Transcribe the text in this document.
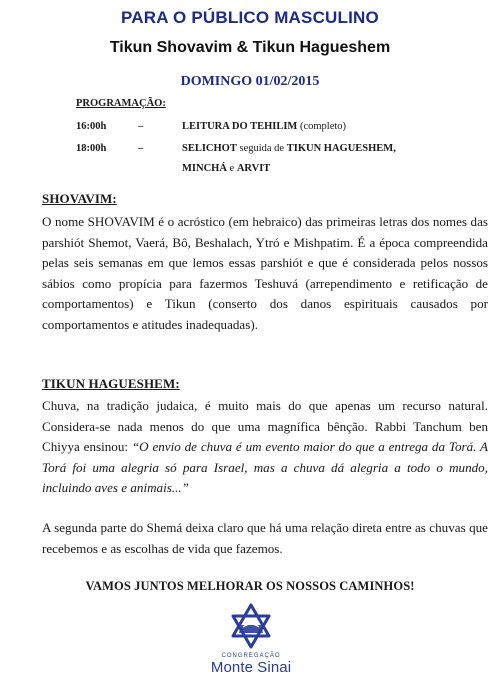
PARA O PÚBLICO MASCULINO
Tikun Shovavim & Tikun Hagueshem
DOMINGO 01/02/2015
PROGRAMAÇÃO:
16:00h	–	LEITURA DO TEHILIM (completo)
18:00h	–	SELICHOT seguida de TIKUN HAGUESHEM,
MINCHÁ e ARVIT
SHOVAVIM:

O nome SHOVAVIM é o acróstico (em hebraico) das primeiras letras dos nomes das parshiót Shemot, Vaerá, Bô, Beshalach, Ytró e Mishpatim. É a época compreendida pelas seis semanas em que lemos essas parshiót e que é considerada pelos nossos sábios como propícia para fazermos Teshuvá (arrependimento e retificação de comportamentos) e Tikun (conserto dos danos espirituais causados por comportamentos e atitudes inadequadas).

TIKUN HAGUESHEM:

Chuva, na tradição judaica, é muito mais do que apenas um recurso natural. Considera-se nada menos do que uma magnífica bênção. Rabbi Tanchum ben Chiyya ensinou: “O envio de chuva é um evento maior do que a entrega da Torá. A Torá foi uma alegria só para Israel, mas a chuva dá alegria a todo o mundo, incluindo aves e animais...”

A segunda parte do Shemá deixa claro que há uma relação direta entre as chuvas que recebemos e as escolhas de vida que fazemos.

VAMOS JUNTOS MELHORAR OS NOSSOS CAMINHOS!
CONGREGAÇÃO
Monte Sinai
